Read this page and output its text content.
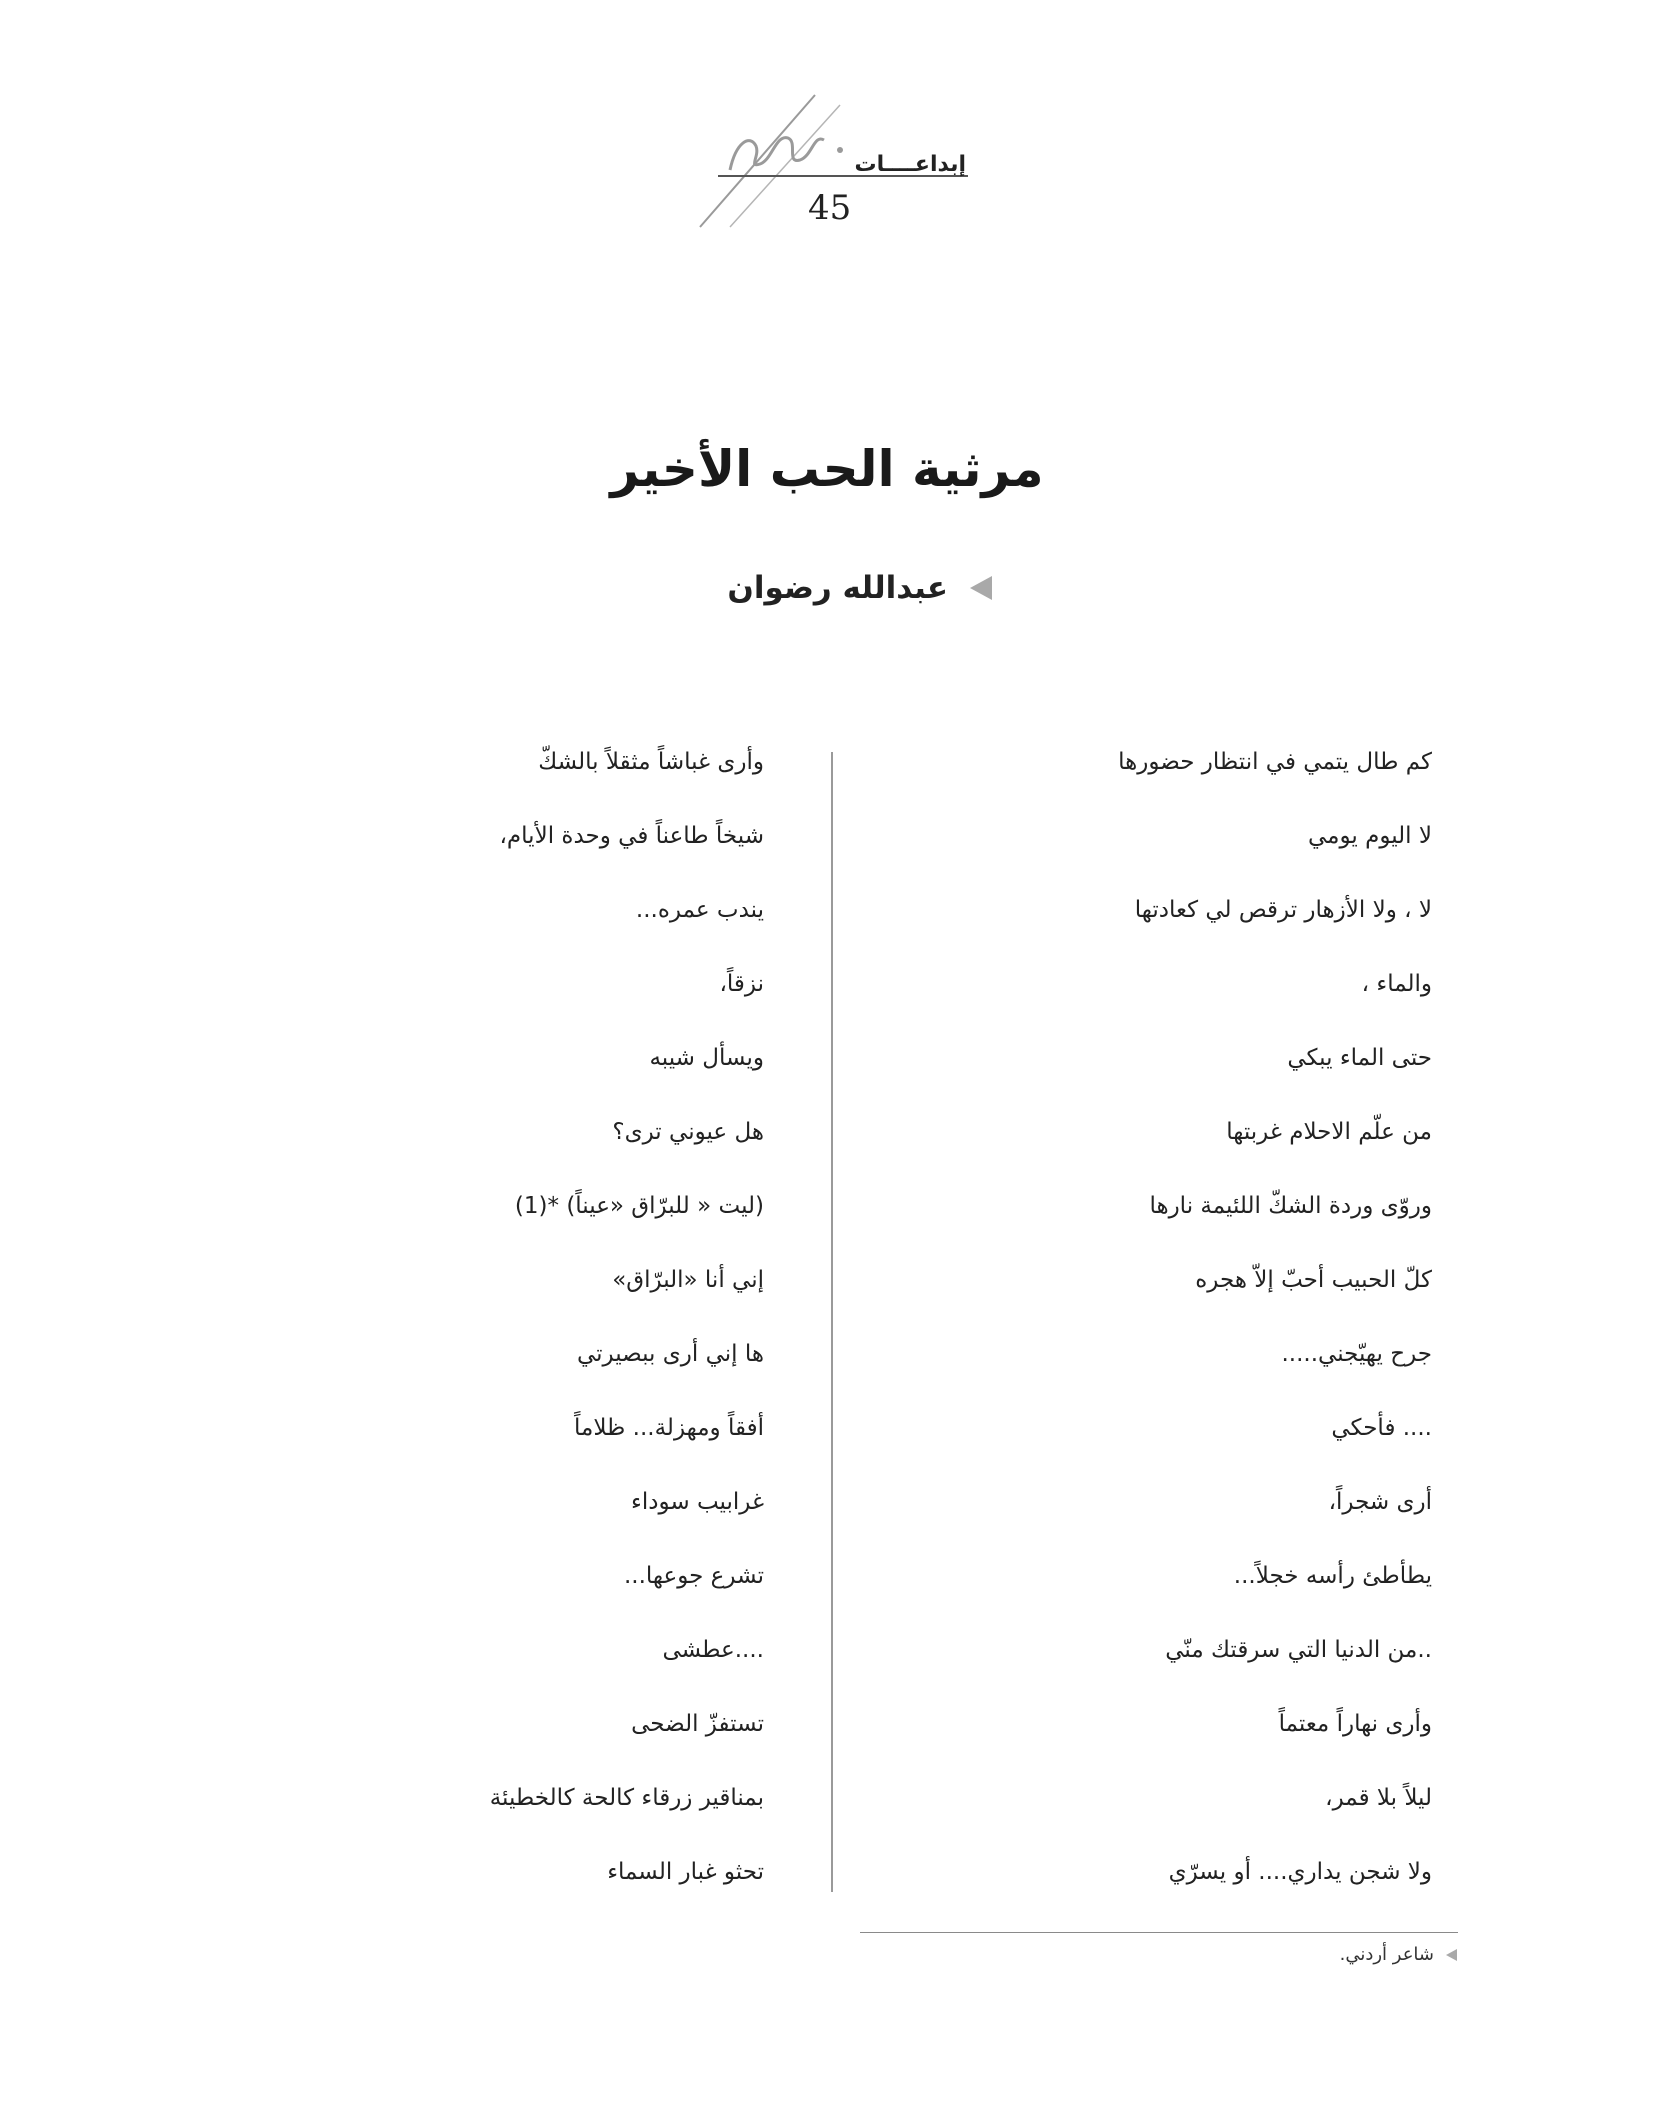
إبداعــــات
45
مرثية الحب الأخير
عبدالله رضوان
كم طال يتمي في انتظار حضورها
لا اليوم يومي
لا ، ولا الأزهار ترقص لي كعادتها
والماء ،
حتى الماء يبكي
من علّم الاحلام غربتها
وروّى وردة الشكّ اللئيمة نارها
كلّ الحبيب أحبّ إلاّ هجره
جرح يهيّجني.....
.... فأحكي
أرى شجراً،
يطأطئ رأسه خجلاً...
..من الدنيا التي سرقتك منّي
وأرى نهاراً معتماً
ليلاً بلا قمر،
ولا شجن يداري.... أو يسرّي
وأرى غباشاً مثقلاً بالشكّ
شيخاً طاعناً في وحدة الأيام،
يندب عمره...
نزقاً،
ويسأل شيبه
هل عيوني ترى؟
(ليت « للبرّاق «عيناً) *(1)
إني أنا «البرّاق»
ها إني أرى ببصيرتي
أفقاً ومهزلة... ظلاماً
غرابيب سوداء
تشرع جوعها...
....عطشى
تستفزّ الضحى
بمناقير زرقاء كالحة كالخطيئة
تحثو غبار السماء
شاعر أردني.
